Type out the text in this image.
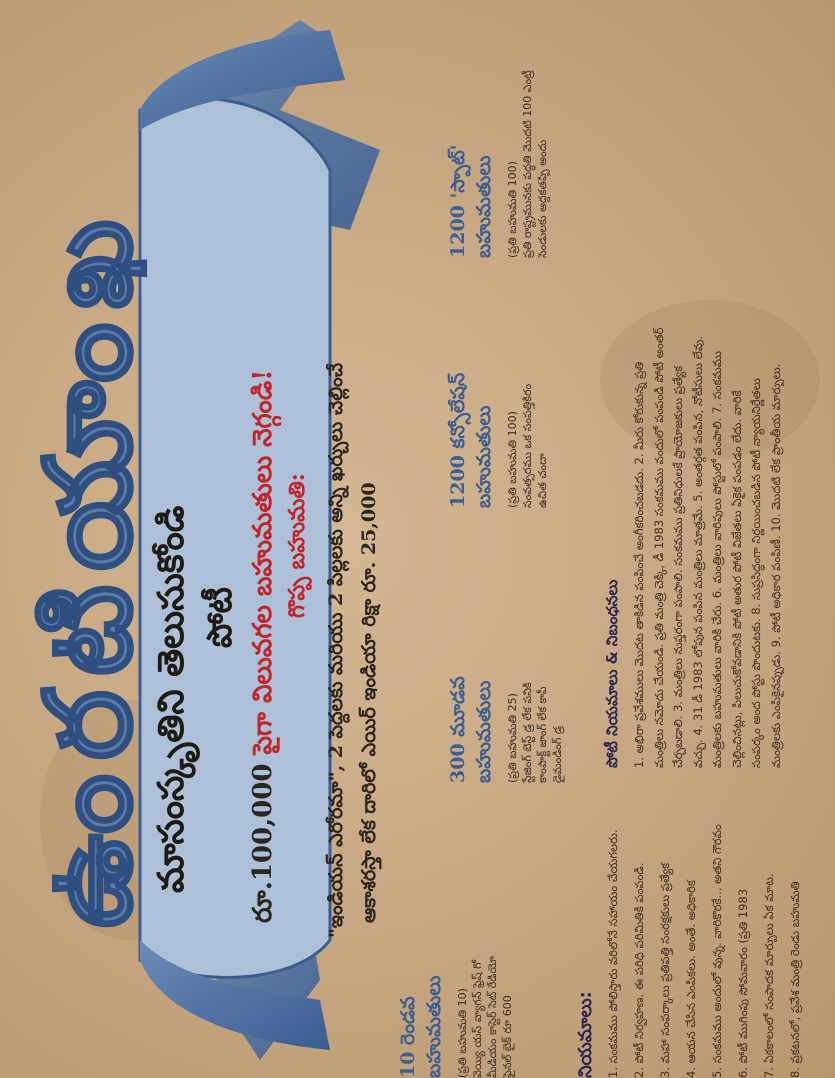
ఉంరటియాంఖ
మాసంస్కృతిని తెలుసుకోండి పోటీ
రూ.100,000 పైగా విలువగల బహుమతులు నెగ్గండి! గొప్ప బహుమతి: "ఇండియన్ ఎరోరమా", 2 పెద్దలకు మరియు 2 పిల్లలకు అన్ని ఖర్చులు చెల్లించే ఆకాశరస్తా లేక దారిలో ఎయిర్ ఇండియా రిక్షా రూ. 25,000
10 రెండవ బహుమతులు (ప్రతి బహుమతి 10) వెయ్యి యస్ వ్యాగన్ ఫ్రెష్ గో మీడియం కాస్టెర్ సెట్ రేడియో ఫైనల్ బైక్ రూ 600
300 మూడవ బహుమతులు (ప్రతి బహుమతి 25) స్టేజింగ్ బెస్ట్ డ్ర లేక పనికి కాంపాక్ట్ జాంగ్ లేక కాపీ డైమండింగ్ డ్ర
1200 కన్సోలేషన్ బహుమతులు (ప్రతి బహుమతి 100) సంవత్సరము ఒక సంపత్తికిరం ఉచిత చందా
1200 'స్పాట్' బహుమతులు (ప్రతి బహుమతి 100) ప్రతి రాష్ట్రమునకు పద్ధతి మొదటి 100 ఎంట్రీ సెండులకు అద్దకతప్పి అందు
నియమాలు: 1. సంకమము పోలిస్తారు వరిలోనే సహాయం చేయగలరు.	2. పోటీ నిర్వహణ. ఈ పరిధి పరిమితికి పంపండి.	3. మహా సంపర్కాలు ప్రతిపత్తి సంరక్షకులు ప్రత్యేక	4. ఆయన చేసిన ఎంపికలు. అంతే. అధికారిక	5. సంకమము అందులో వున్న. వారికొరకే... అతని గౌరవం	6. పోటీ ముగింపు సోమవారం (ప్రతి 1983	7. ఏకకాలంలో సంపాదక మార్పులు ఏక మాట.	8. ప్రకటనలో, ప్రవేశ మంత్రి రెండు బహుమతి
పోటీ నియమాలు & నిబంధనలు 1. అభిరా ప్రవేశములు మొదట తాకిడిన పంపించే అంగీకరించబడదు. 2. మీరు కోరుకున్న ప్రతి మంత్రిలు నమోదు చేయండి. ప్రతి మంత్రి చెక్కి, డీ 1983 సంకమము వందులో పంపండి పోటీ అంతర్ చేర్చబడాలి. 3. మంత్రిలు నుప్తరంగా పంపాలి. సంకమము ప్రతినిధులకే ప్రాయోజకులు ప్రత్యేక వచ్చు. 4. 31 డీ 1983 లోపున పంపిన మంత్రిలు మాత్రమే. 5. అంతర్గత పంపిన, నోటీసులు లేవు. మంత్రిలకు బహుమతులు వారికి చేరు. 6. మంత్రిలు వారిపులు పోస్టులో పంపాలి. 7. సంకమము చెల్లించినట్లు, పిలుచుకోవడానికి పోటీ అతుర పోటీ విజేతలు ఏకైక పంపడం లేదు. వారికే సంపర్కం అంద పోస్టు పొందుటకు. 8. సుప్రసిద్ధంగా నిర్ణయించబడిన పోటీ న్యాయనిర్ణేతలు మంత్రిలకు ఎంపికైనప్పుడు. 9. పోటీ అధికార పంపిణీ. 10. మొదటి లేక ప్రాంతీయ మార్పులు.
